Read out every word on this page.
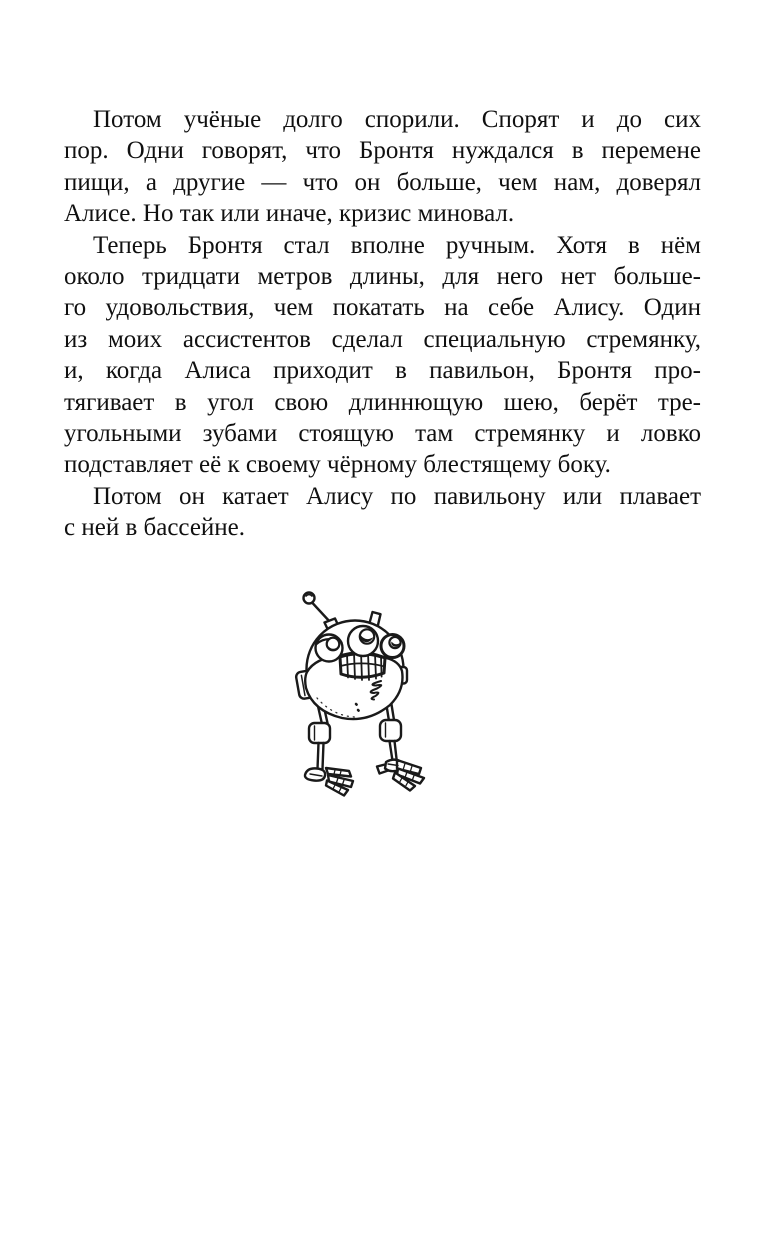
Потом учёные долго спорили. Спорят и до сих
пор. Одни говорят, что Бронтя нуждался в перемене
пищи, а другие — что он больше, чем нам, доверял
Алисе. Но так или иначе, кризис миновал.
Теперь Бронтя стал вполне ручным. Хотя в нём
около тридцати метров длины, для него нет больше-
го удовольствия, чем покатать на себе Алису. Один
из моих ассистентов сделал специальную стремянку,
и, когда Алиса приходит в павильон, Бронтя про-
тягивает в угол свою длиннющую шею, берёт тре-
угольными зубами стоящую там стремянку и ловко
подставляет её к своему чёрному блестящему боку.
Потом он катает Алису по павильону или плавает
с ней в бассейне.
